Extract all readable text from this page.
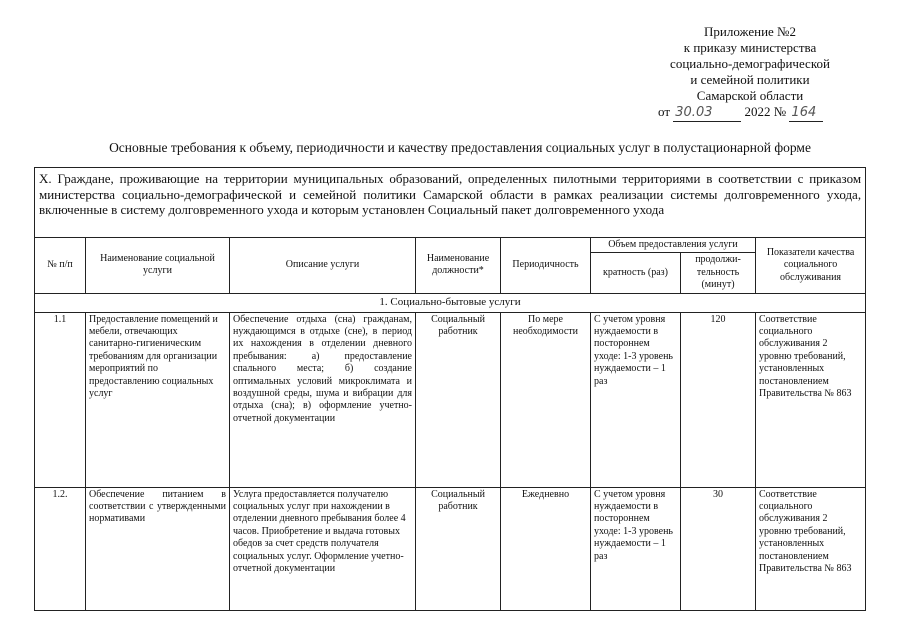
Приложение №2
к приказу министерства
социально-демографической
и семейной политики
Самарской области
от 30.03 2022 № 164
Основные требования к объему, периодичности и качеству предоставления социальных услуг в полустационарной форме
X. Граждане, проживающие на территории муниципальных образований, определенных пилотными территориями в соответствии с приказом министерства социально-демографической и семейной политики Самарской области в рамках реализации системы долговременного ухода, включенные в систему долговременного ухода и которым установлен Социальный пакет долговременного ухода							
№ п/п	Наименование социальной услуги	Описание услуги	Наименование должности*	Периодичность	Объем предоставления услуги		Показатели качества социального обслуживания
					кратность (раз)	продолжи-тельность (минут)	
1. Социально-бытовые услуги							
1.1	Предоставление помещений и мебели, отвечающих санитарно-гигиеническим требованиям для организации мероприятий по предоставлению социальных услуг	Обеспечение отдыха (сна) гражданам, нуждающимся в отдыхе (сне), в период их нахождения в отделении дневного пребывания: а) предоставление спального места; б) создание оптимальных условий микроклимата и воздушной среды, шума и вибрации для отдыха (сна); в) оформление учетно-отчетной документации	Социальный работник	По мере необходимости	С учетом уровня нуждаемости в постороннем уходе: 1-3 уровень нуждаемости – 1 раз	120	Соответствие социального обслуживания 2 уровню требований, установленных постановлением Правительства № 863
1.2.	Обеспечение питанием в соответствии с утвержденными нормативами	Услуга предоставляется получателю социальных услуг при нахождении в отделении дневного пребывания более 4 часов. Приобретение и выдача готовых обедов за счет средств получателя социальных услуг. Оформление учетно-отчетной документации	Социальный работник	Ежедневно	С учетом уровня нуждаемости в постороннем уходе: 1-3 уровень нуждаемости – 1 раз	30	Соответствие социального обслуживания 2 уровню требований, установленных постановлением Правительства № 863
